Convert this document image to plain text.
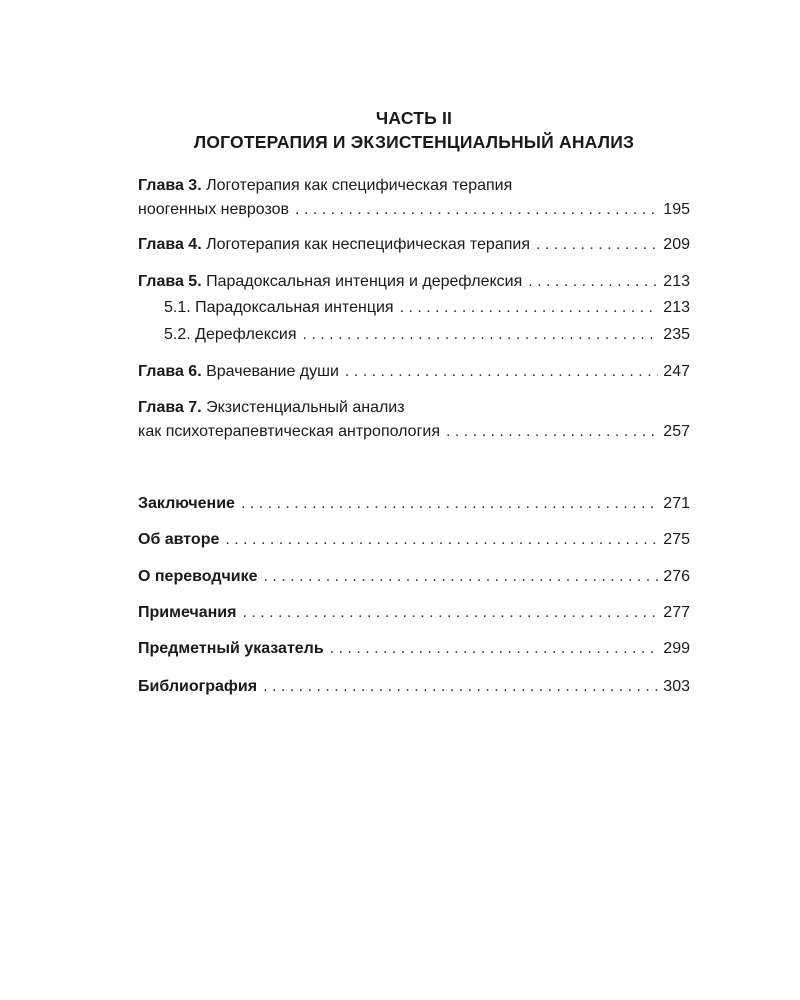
ЧАСТЬ II
ЛОГОТЕРАПИЯ И ЭКЗИСТЕНЦИАЛЬНЫЙ АНАЛИЗ
Глава 3.
Логотерапия как специфическая терапия
ноогенных неврозов . . .	195
Глава 4.
Логотерапия как неспецифическая терапия . . .	209
Глава 5.
Парадоксальная интенция и дерефлексия . . .	213
5.1. Парадоксальная интенция . . .	213
5.2. Дерефлексия . . .	235
Глава 6.
Врачевание души . . .	247
Глава 7.
Экзистенциальный анализ
как психотерапевтическая антропология . . .	257
Заключение . . .	271
Об авторе . . .	275
О переводчике . . .	276
Примечания . . .	277
Предметный указатель . . .	299
Библиография . . .	303
